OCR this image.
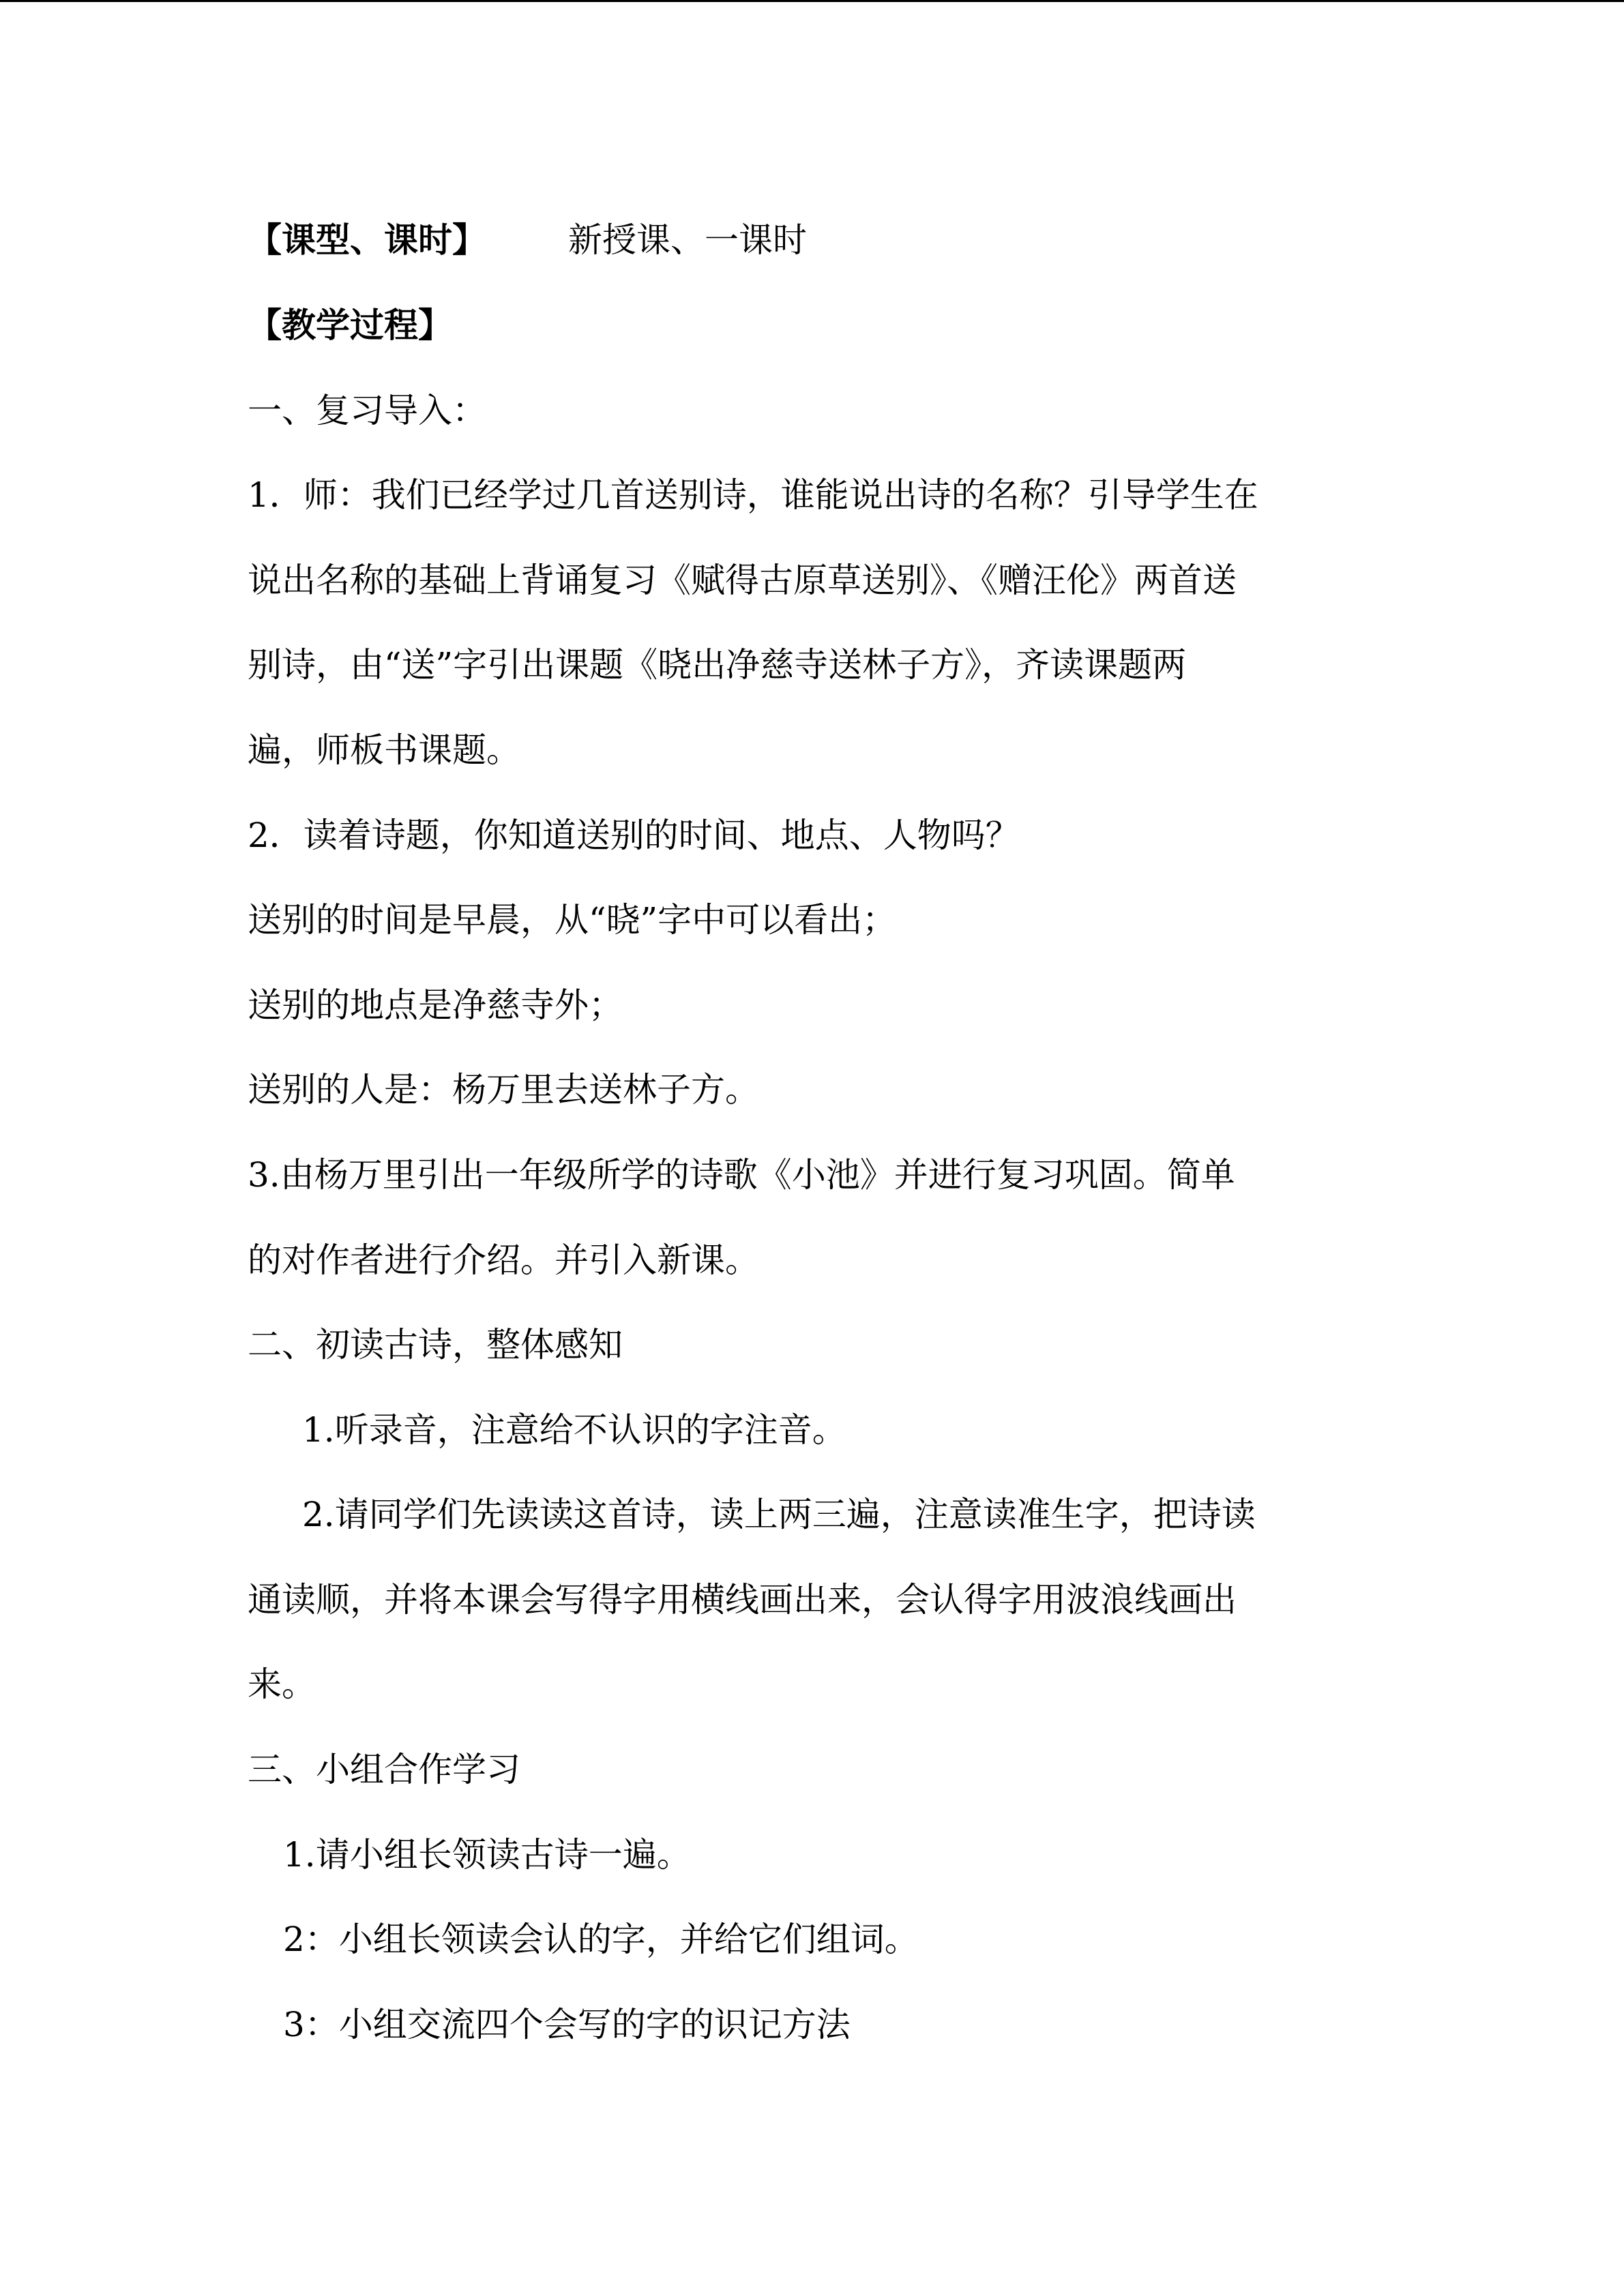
【课型、课时】 新授课、一课时
【教学过程】
一、复习导入：
1．师：我们已经学过几首送别诗，谁能说出诗的名称？引导学生在
说出名称的基础上背诵复习《赋得古原草送别》、《赠汪伦》两首送
别诗，由“送”字引出课题《晓出净慈寺送林子方》，齐读课题两
遍，师板书课题。
2．读着诗题，你知道送别的时间、地点、人物吗？
送别的时间是早晨，从“晓”字中可以看出；
送别的地点是净慈寺外；
送别的人是：杨万里去送林子方。
3.由杨万里引出一年级所学的诗歌《小池》并进行复习巩固。简单
的对作者进行介绍。并引入新课。
二、初读古诗，整体感知
1.听录音，注意给不认识的字注音。
2.请同学们先读读这首诗，读上两三遍，注意读准生字，把诗读
通读顺，并将本课会写得字用横线画出来，会认得字用波浪线画出
来。
三、小组合作学习
1.请小组长领读古诗一遍。
2：小组长领读会认的字，并给它们组词。
3：小组交流四个会写的字的识记方法
